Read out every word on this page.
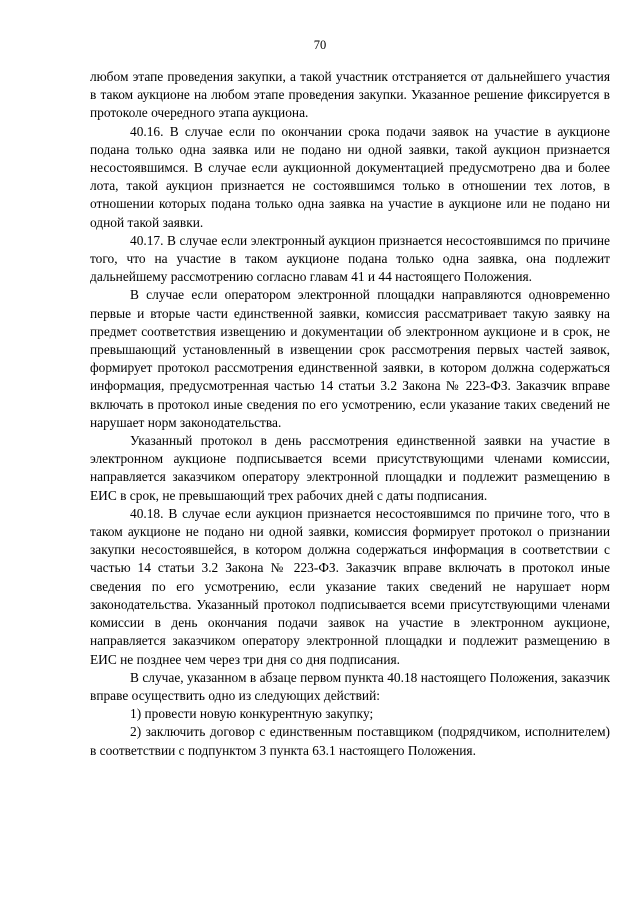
70

любом этапе проведения закупки, а такой участник отстраняется от дальнейшего участия в таком аукционе на любом этапе проведения закупки. Указанное решение фиксируется в протоколе очередного этапа аукциона.

40.16. В случае если по окончании срока подачи заявок на участие в аукционе подана только одна заявка или не подано ни одной заявки, такой аукцион признается несостоявшимся. В случае если аукционной документацией предусмотрено два и более лота, такой аукцион признается не состоявшимся только в отношении тех лотов, в отношении которых подана только одна заявка на участие в аукционе или не подано ни одной такой заявки.

40.17. В случае если электронный аукцион признается несостоявшимся по причине того, что на участие в таком аукционе подана только одна заявка, она подлежит дальнейшему рассмотрению согласно главам 41 и 44 настоящего Положения.

В случае если оператором электронной площадки направляются одновременно первые и вторые части единственной заявки, комиссия рассматривает такую заявку на предмет соответствия извещению и документации об электронном аукционе и в срок, не превышающий установленный в извещении срок рассмотрения первых частей заявок, формирует протокол рассмотрения единственной заявки, в котором должна содержаться информация, предусмотренная частью 14 статьи 3.2 Закона № 223-ФЗ. Заказчик вправе включать в протокол иные сведения по его усмотрению, если указание таких сведений не нарушает норм законодательства.

Указанный протокол в день рассмотрения единственной заявки на участие в электронном аукционе подписывается всеми присутствующими членами комиссии, направляется заказчиком оператору электронной площадки и подлежит размещению в ЕИС в срок, не превышающий трех рабочих дней с даты подписания.

40.18. В случае если аукцион признается несостоявшимся по причине того, что в таком аукционе не подано ни одной заявки, комиссия формирует протокол о признании закупки несостоявшейся, в котором должна содержаться информация в соответствии с частью 14 статьи 3.2 Закона № 223-ФЗ. Заказчик вправе включать в протокол иные сведения по его усмотрению, если указание таких сведений не нарушает норм законодательства. Указанный протокол подписывается всеми присутствующими членами комиссии в день окончания подачи заявок на участие в электронном аукционе, направляется заказчиком оператору электронной площадки и подлежит размещению в ЕИС не позднее чем через три дня со дня подписания.

В случае, указанном в абзаце первом пункта 40.18 настоящего Положения, заказчик вправе осуществить одно из следующих действий:

1) провести новую конкурентную закупку;

2) заключить договор с единственным поставщиком (подрядчиком, исполнителем) в соответствии с подпунктом 3 пункта 63.1 настоящего Положения.
